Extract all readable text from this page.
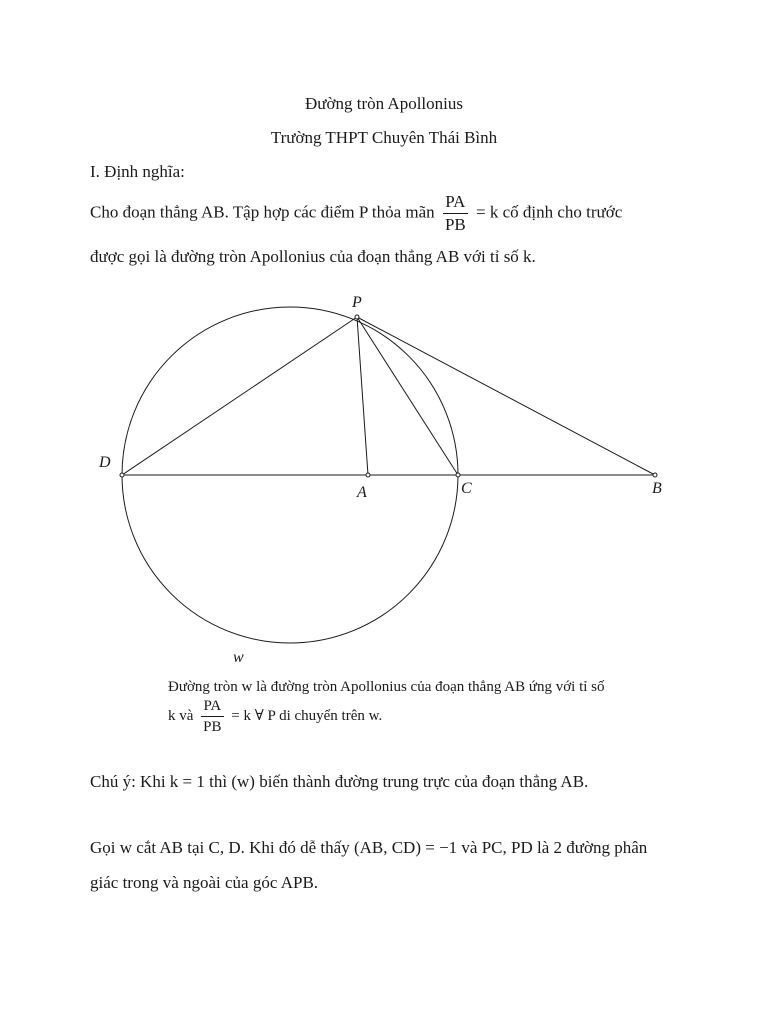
Đường tròn Apollonius
Trường THPT Chuyên Thái Bình
I. Định nghĩa:
Cho đoạn thẳng AB. Tập hợp các điểm P thỏa mãn $\frac{PA}{PB} = k$ cố định cho trước
được gọi là đường tròn Apollonius của đoạn thẳng AB với tỉ số k.
P
D
A	C	B
w
Đường tròn w là đường tròn Apollonius của đoạn thẳng AB ứng với tỉ số
k và $\frac{PA}{PB} = k$ ∀ P di chuyển trên w.
Chú ý: Khi k = 1 thì (w) biến thành đường trung trực của đoạn thẳng AB.
Gọi w cắt AB tại C, D. Khi đó dễ thấy (AB, CD) = −1 và PC, PD là 2 đường phân
giác trong và ngoài của góc APB.
